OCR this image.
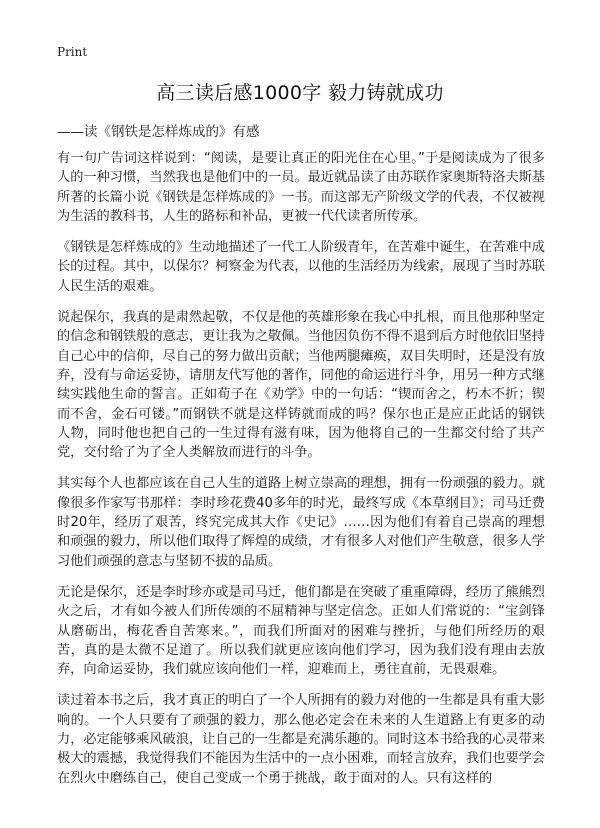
Print
高三读后感1000字 毅力铸就成功
——读《钢铁是怎样炼成的》有感

有一句广告词这样说到：“阅读，是要让真正的阳光住在心里。”于是阅读成为了很多人的一种习惯，当然我也是他们中的一员。最近就品读了由苏联作家奥斯特洛夫斯基所著的长篇小说《钢铁是怎样炼成的》一书。而这部无产阶级文学的代表，不仅被视为生活的教科书，人生的路标和补品，更被一代代读者所传承。

《钢铁是怎样炼成的》生动地描述了一代工人阶级青年，在苦难中诞生，在苦难中成长的过程。其中，以保尔？柯察金为代表，以他的生活经历为线索，展现了当时苏联人民生活的艰难。

说起保尔，我真的是肃然起敬，不仅是他的英雄形象在我心中扎根，而且他那种坚定的信念和钢铁般的意志，更让我为之敬佩。当他因负伤不得不退到后方时他依旧坚持自己心中的信仰，尽自己的努力做出贡献；当他两腿瘫痪，双目失明时，还是没有放弃，没有与命运妥协，请朋友代写他的著作，同他的命运进行斗争，用另一种方式继续实践他生命的誓言。正如荀子在《劝学》中的一句话：“锲而舍之，朽木不折；锲而不舍，金石可镂。”而钢铁不就是这样铸就而成的吗？保尔也正是应正此话的钢铁人物，同时他也把自己的一生过得有滋有味，因为他将自己的一生都交付给了共产党，交付给了为了全人类解放而进行的斗争。

其实每个人也都应该在自己人生的道路上树立崇高的理想，拥有一份顽强的毅力。就像很多作家写书那样：李时珍花费40多年的时光，最终写成《本草纲目》；司马迁费时20年，经历了艰苦，终究完成其大作《史记》……因为他们有着自己崇高的理想和顽强的毅力，所以他们取得了辉煌的成绩，才有很多人对他们产生敬意，很多人学习他们顽强的意志与坚韧不拔的品质。

无论是保尔，还是李时珍亦或是司马迁，他们都是在突破了重重障碍，经历了熊熊烈火之后，才有如今被人们所传颂的不屈精神与坚定信念。正如人们常说的：“宝剑锋从磨砺出，梅花香自苦寒来。”，而我们所面对的困难与挫折，与他们所经历的艰苦，真的是太微不足道了。所以我们就更应该向他们学习，因为我们没有理由去放弃，向命运妥协，我们就应该向他们一样，迎难而上，勇往直前，无畏艰难。

读过着本书之后，我才真正的明白了一个人所拥有的毅力对他的一生都是具有重大影响的。一个人只要有了顽强的毅力，那么他必定会在未来的人生道路上有更多的动力，必定能够乘风破浪，让自己的一生都是充满乐趣的。同时这本书给我的心灵带来极大的震撼，我觉得我们不能因为生活中的一点小困难，而轻言放弃，我们也要学会在烈火中磨练自己，使自己变成一个勇于挑战，敢于面对的人。只有这样的
